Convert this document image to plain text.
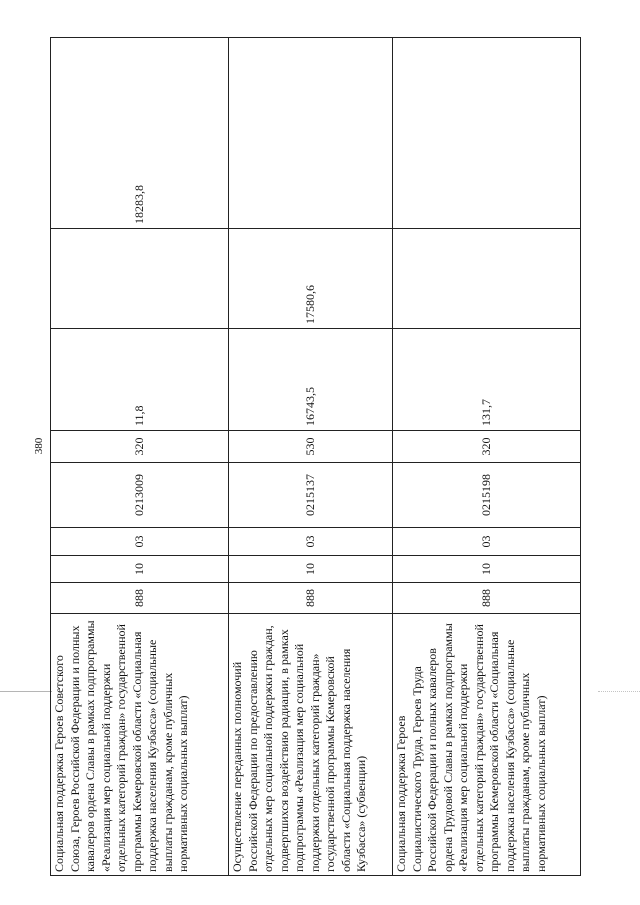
380
Социальная поддержка Героев Советского Союза, Героев Российской Федерации и полных кавалеров ордена Славы в рамках подпрограммы «Реализация мер социальной поддержки отдельных категорий граждан» государственной программы Кемеровской области «Социальная поддержка населения Кузбасса» (социальные выплаты гражданам, кроме публичных нормативных социальных выплат)	888	10	03	0213009	320	11,8		18283,8
Осуществление переданных полномочий Российской Федерации по предоставлению отдельных мер социальной поддержки граждан, подвергшихся воздействию радиации, в рамках подпрограммы «Реализация мер социальной поддержки отдельных категорий граждан» государственной программы Кемеровской области «Социальная поддержка населения Кузбасса» (субвенции)	888	10	03	0215137	530	16743,5	17580,6	
Социальная поддержка Героев Социалистического Труда, Героев Труда Российской Федерации и полных кавалеров ордена Трудовой Славы в рамках подпрограммы «Реализация мер социальной поддержки отдельных категорий граждан» государственной программы Кемеровской области «Социальная поддержка населения Кузбасса» (социальные выплаты гражданам, кроме публичных нормативных социальных выплат)	888	10	03	0215198	320	131,7		
